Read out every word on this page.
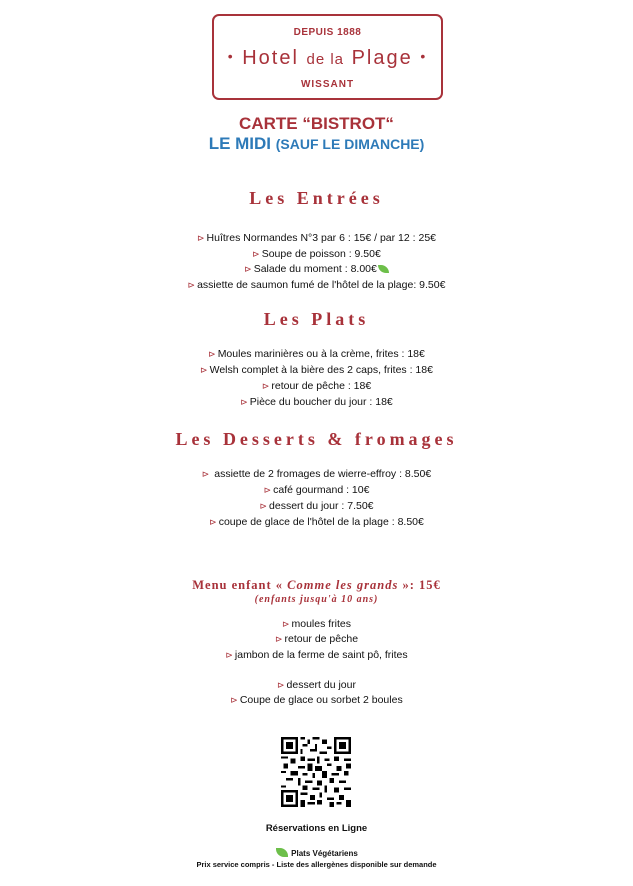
DEPUIS 1888
• Hotel de la Plage •
WISSANT
CARTE “BISTROT“
LE MIDI (SAUF LE DIMANCHE)
Les Entrées
⊳ Huîtres Normandes N°3 par 6 : 15€ / par 12 : 25€
⊳ Soupe de poisson : 9.50€
⊳ Salade du moment : 8.00€
⊳ assiette de saumon fumé de l'hôtel de la plage: 9.50€
Les Plats
⊳ Moules marinières ou à la crème, frites : 18€
⊳ Welsh complet à la bière des 2 caps, frites : 18€
⊳ retour de pêche : 18€
⊳ Pièce du boucher du jour : 18€
Les Desserts & fromages
⊳ assiette de 2 fromages de wierre-effroy : 8.50€
⊳ café gourmand : 10€
⊳ dessert du jour : 7.50€
⊳ coupe de glace de l'hôtel de la plage : 8.50€
Menu enfant « Comme les grands »: 15€
(enfants jusqu'à 10 ans)
⊳ moules frites
⊳ retour de pêche
⊳ jambon de la ferme de saint pô, frites
⊳ dessert du jour
⊳ Coupe de glace ou sorbet 2 boules
Réservations en Ligne
Plats Végétariens
Prix service compris - Liste des allergènes disponible sur demande
